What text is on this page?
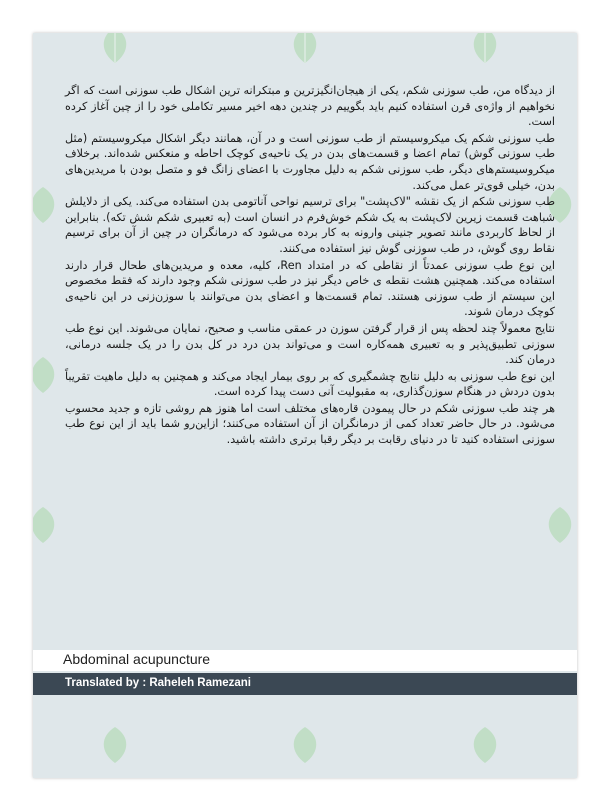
از دیدگاه من، طب سوزنی شکم، یکی از هیجان‌انگیزترین و مبتکرانه ترین اشکال طب سوزنی است که اگر نخواهیم از واژه‌ی قرن استفاده کنیم باید بگوییم در چندین دهه اخیر مسیر تکاملی خود را از چین آغاز کرده است.

طب سوزنی شکم یک میکروسیستم از طب سوزنی است و در آن، همانند دیگر اشکال میکروسیستم (مثل طب سوزنی گوش) تمام اعضا و قسمت‌های بدن در یک ناحیه‌ی کوچک احاطه و منعکس شده‌اند. برخلاف میکروسیستم‌های دیگر، طب سوزنی شکم به دلیل مجاورت با اعضای زانگ فو و متصل بودن با مریدین‌های بدن، خیلی قوی‌تر عمل می‌کند.

طب سوزنی شکم از یک نقشه "لاک‌پشت" برای ترسیم نواحی آناتومی بدن استفاده می‌کند. یکی از دلایلش شباهت قسمت زیرین لاک‌پشت به یک شکم خوش‌فرم در انسان است (به تعبیری شکم شش تکه). بنابراین از لحاظ کاربردی مانند تصویر جنینی وارونه به کار برده می‌شود که درمانگران در چین از آن برای ترسیم نقاط روی گوش، در طب سوزنی گوش نیز استفاده می‌کنند.

این نوع طب سوزنی عمدتاً از نقاطی که در امتداد Ren، کلیه، معده و مریدین‌های طحال قرار دارند استفاده می‌کند. همچنین هشت نقطه ی خاص دیگر نیز در طب سوزنی شکم وجود دارند که فقط مخصوص این سیستم از طب سوزنی هستند. تمام قسمت‌ها و اعضای بدن می‌توانند با سوزن‌زنی در این ناحیه‌ی کوچک درمان شوند.

نتایج معمولاً چند لحظه پس از قرار گرفتن سوزن در عمقی مناسب و صحیح، نمایان می‌شوند. این نوع طب سوزنی تطبیق‌پذیر و به تعبیری همه‌کاره است و می‌تواند بدن درد در کل بدن را در یک جلسه درمانی، درمان کند.

این نوع طب سوزنی به دلیل نتایج چشمگیری که بر روی بیمار ایجاد می‌کند و همچنین به دلیل ماهیت تقریباً بدون دردش در هنگام سوزن‌گذاری، به مقبولیت آنی دست پیدا کرده است.

هر چند طب سوزنی شکم در حال پیمودن قاره‌های مختلف است اما هنوز هم روشی تازه و جدید محسوب می‌شود. در حال حاضر تعداد کمی از درمانگران از آن استفاده می‌کنند؛ ازاین‌رو شما باید از این نوع طب سوزنی استفاده کنید تا در دنیای رقابت بر دیگر رقبا برتری داشته باشید.

Abdominal acupuncture
Translated by : Raheleh Ramezani
